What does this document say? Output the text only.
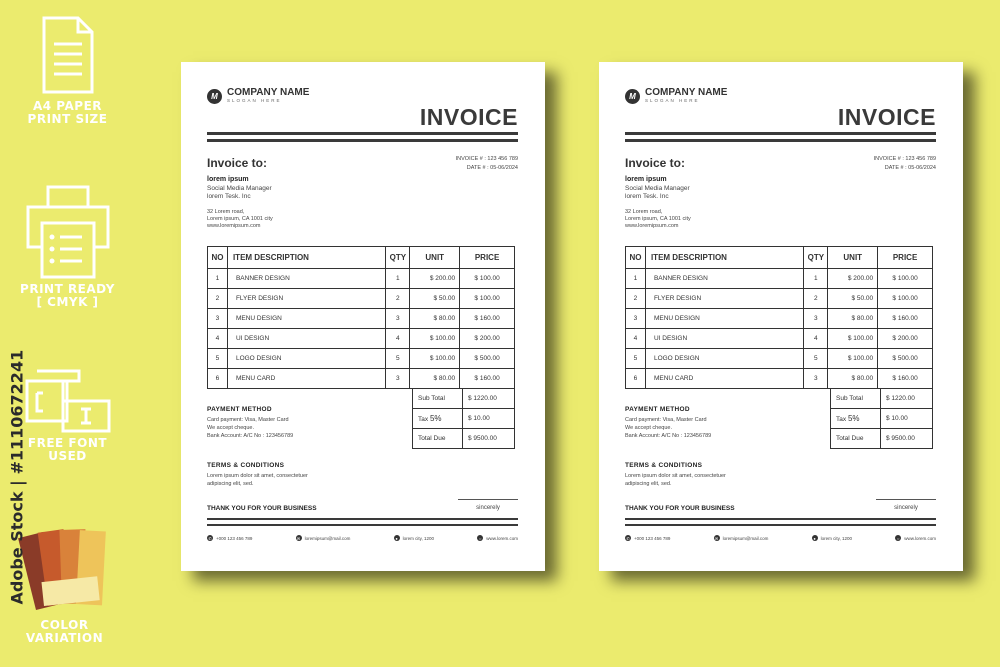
A4 PAPER
PRINT SIZE
PRINT READY
[ CMYK ]
FREE FONT
USED
COLOR
VARIATION
Adobe Stock | #1110672241
M COMPANY NAME
SLOGAN HERE
INVOICE
Invoice to:	INVOICE # : 123 456 789
DATE # : 05-06/2024
lorem ipsum
Social Media Manager
lorem Tesk. Inc
32 Lorem road,
Lorem ipsum, CA 1001 city
www.loremipsum.com
NO	ITEM DESCRIPTION	QTY	UNIT	PRICE
1	BANNER DESIGN	1	$ 200.00	$ 100.00
2	FLYER DESIGN	2	$ 50.00	$ 100.00
3	MENU DESIGN	3	$ 80.00	$ 160.00
4	UI DESIGN	4	$ 100.00	$ 200.00
5	LOGO DESIGN	5	$ 100.00	$ 500.00
6	MENU CARD	3	$ 80.00	$ 160.00
Sub Total	$ 1220.00
Tax 5%	$ 10.00
Total Due	$ 9500.00
PAYMENT METHOD
Card payment: Visa, Master Card
We accept cheque.
Bank Account: A/C No : 123456789
TERMS & CONDITIONS
Lorem ipsum dolor sit amet, consectetuer
adipiscing elit, sed.
THANK YOU FOR YOUR BUSINESS	sincerely
✆ +000 123 456 789	✉ loremipsum@mail.com	●	lorem city, 1200	○	www.lorem.com
M COMPANY NAME
SLOGAN HERE
INVOICE
Invoice to:	INVOICE # : 123 456 789
DATE # : 05-06/2024
lorem ipsum
Social Media Manager
lorem Tesk. Inc
32 Lorem road,
Lorem ipsum, CA 1001 city
www.loremipsum.com
NO	ITEM DESCRIPTION	QTY	UNIT	PRICE
1	BANNER DESIGN	1	$ 200.00	$ 100.00
2	FLYER DESIGN	2	$ 50.00	$ 100.00
3	MENU DESIGN	3	$ 80.00	$ 160.00
4	UI DESIGN	4	$ 100.00	$ 200.00
5	LOGO DESIGN	5	$ 100.00	$ 500.00
6	MENU CARD	3	$ 80.00	$ 160.00
Sub Total	$ 1220.00
Tax 5%	$ 10.00
Total Due	$ 9500.00
PAYMENT METHOD
Card payment: Visa, Master Card
We accept cheque.
Bank Account: A/C No : 123456789
TERMS & CONDITIONS
Lorem ipsum dolor sit amet, consectetuer
adipiscing elit, sed.
THANK YOU FOR YOUR BUSINESS	sincerely
✆ +000 123 456 789	✉ loremipsum@mail.com	●	lorem city, 1200	○	www.lorem.com
